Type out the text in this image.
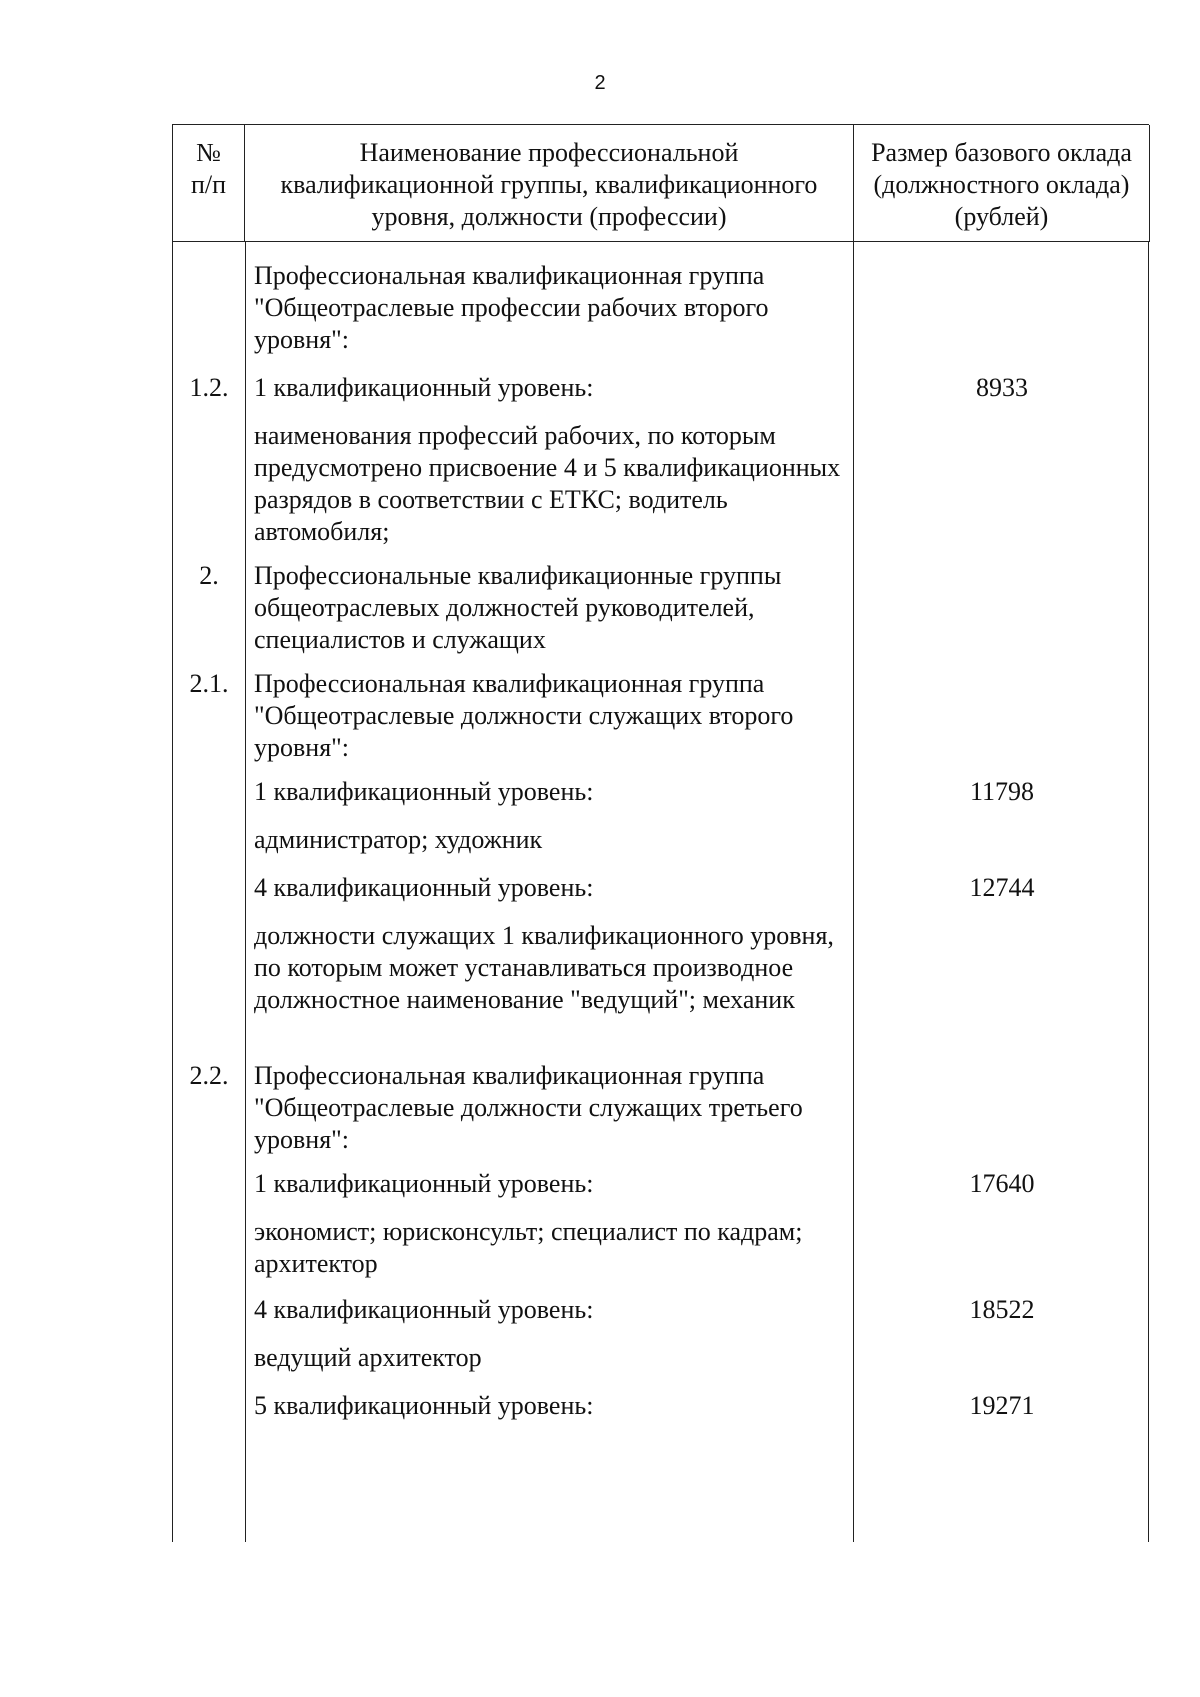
2
№
п/п
Наименование профессиональной квалификационной группы, квалификационного уровня, должности (профессии)
Размер базового оклада (должностного оклада) (рублей)
1.2.
2.
2.1.
2.2.
Профессиональная квалификационная группа "Общеотраслевые профессии рабочих второго уровня":
1 квалификационный уровень:
наименования профессий рабочих, по которым предусмотрено присвоение 4 и 5 квалификационных разрядов в соответствии с ЕТКС; водитель автомобиля;
Профессиональные квалификационные группы общеотраслевых должностей руководителей, специалистов и служащих
Профессиональная квалификационная группа "Общеотраслевые должности служащих второго уровня":
1 квалификационный уровень:
администратор; художник
4 квалификационный уровень:
должности служащих 1 квалификационного уровня, по которым может устанавливаться производное должностное наименование "ведущий"; механик
Профессиональная квалификационная группа "Общеотраслевые должности служащих третьего уровня":
1 квалификационный уровень:
экономист; юрисконсульт; специалист по кадрам; архитектор
4 квалификационный уровень:
ведущий архитектор
5 квалификационный уровень:
8933
11798
12744
17640
18522
19271
